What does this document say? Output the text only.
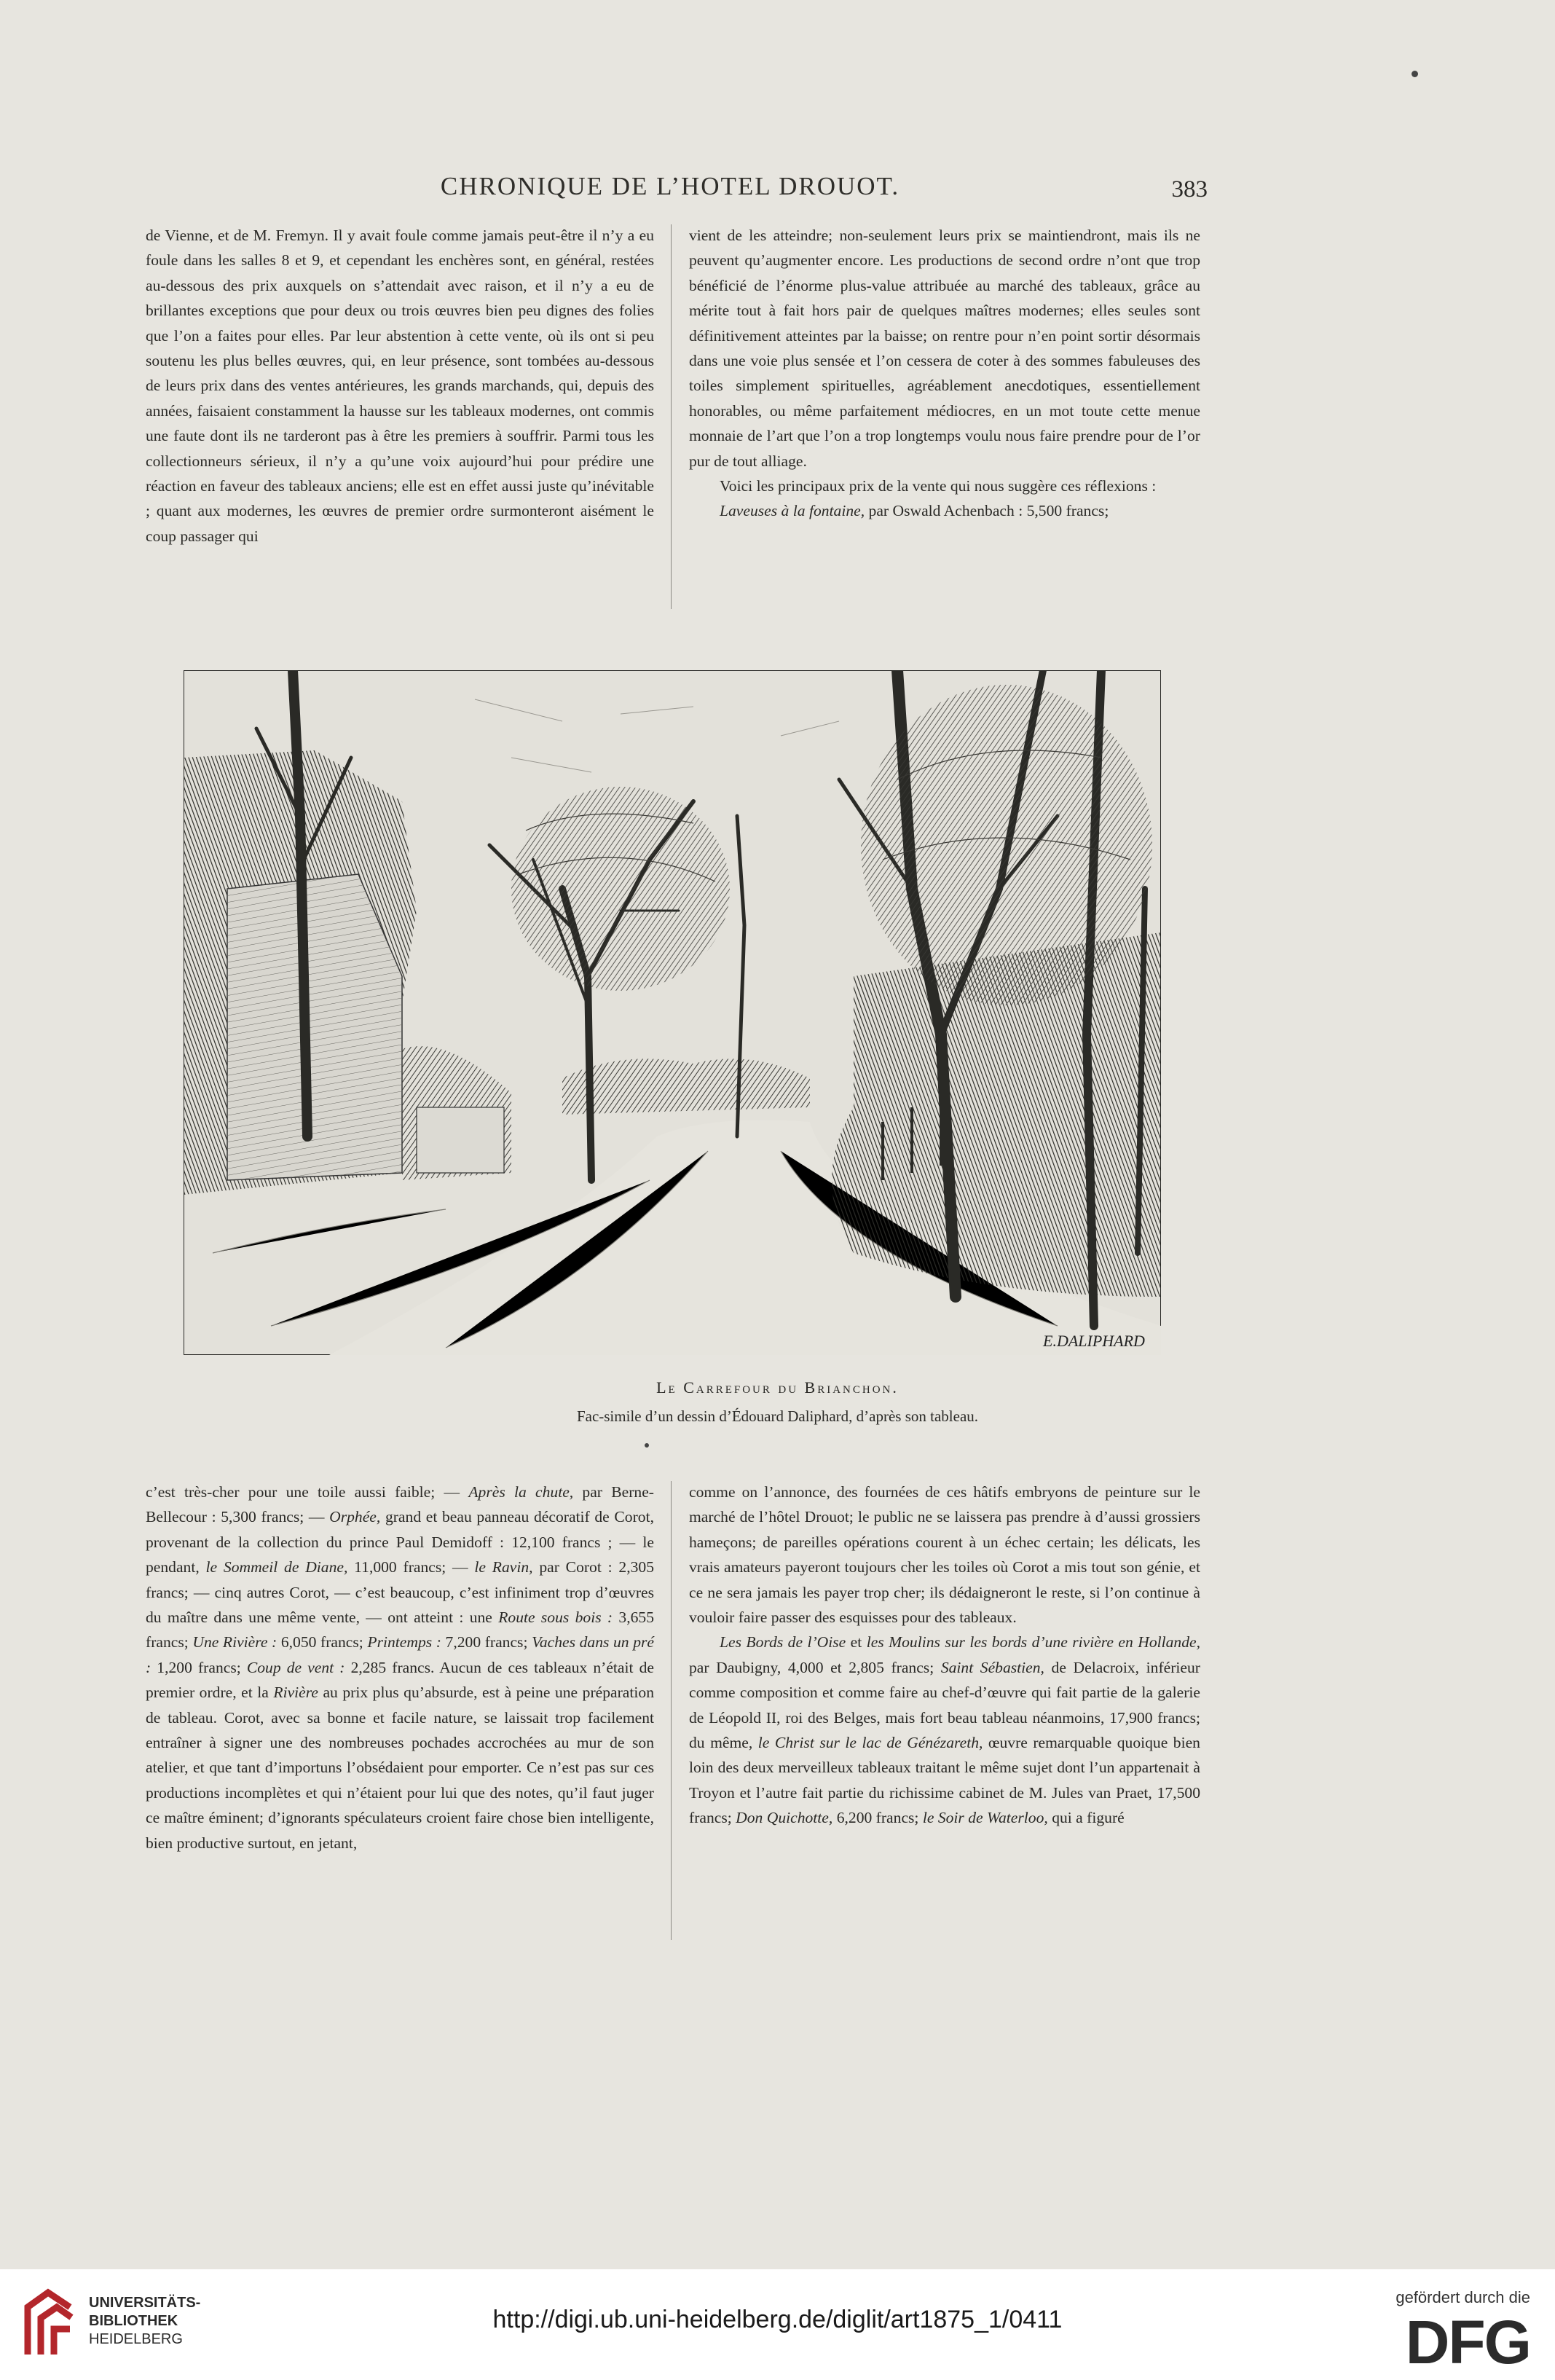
CHRONIQUE DE L’HOTEL DROUOT.	383

de Vienne, et de M. Fremyn. Il y avait foule comme jamais peut-être il n’y a eu foule dans les salles 8 et 9, et cependant les enchères sont, en général, restées au-dessous des prix auxquels on s’attendait avec raison, et il n’y a eu de brillantes exceptions que pour deux ou trois œuvres bien peu dignes des folies que l’on a faites pour elles. Par leur abstention à cette vente, où ils ont si peu soutenu les plus belles œuvres, qui, en leur présence, sont tombées au-dessous de leurs prix dans des ventes antérieures, les grands marchands, qui, depuis des années, faisaient constamment la hausse sur les tableaux modernes, ont commis une faute dont ils ne tarderont pas à être les premiers à souffrir. Parmi tous les collectionneurs sérieux, il n’y a qu’une voix aujourd’hui pour prédire une réaction en faveur des tableaux anciens; elle est en effet aussi juste qu’inévitable ; quant aux modernes, les œuvres de premier ordre surmonteront aisément le coup passager qui

vient de les atteindre; non-seulement leurs prix se maintiendront, mais ils ne peuvent qu’augmenter encore. Les productions de second ordre n’ont que trop bénéficié de l’énorme plus-value attribuée au marché des tableaux, grâce au mérite tout à fait hors pair de quelques maîtres modernes; elles seules sont définitivement atteintes par la baisse; on rentre pour n’en point sortir désormais dans une voie plus sensée et l’on cessera de coter à des sommes fabuleuses des toiles simplement spirituelles, agréablement anecdotiques, essentiellement honorables, ou même parfaitement médiocres, en un mot toute cette menue monnaie de l’art que l’on a trop longtemps voulu nous faire prendre pour de l’or pur de tout alliage.

Voici les principaux prix de la vente qui nous suggère ces réflexions :

Laveuses à la fontaine, par Oswald Achenbach : 5,500 francs;

E.DALIPHARD
Le Carrefour du Brianchon.
Fac-simile d’un dessin d’Édouard Daliphard, d’après son tableau.

c’est très-cher pour une toile aussi faible; — Après la chute, par Berne-Bellecour : 5,300 francs; — Orphée, grand et beau panneau décoratif de Corot, provenant de la collection du prince Paul Demidoff : 12,100 francs ; — le pendant, le Sommeil de Diane, 11,000 francs; — le Ravin, par Corot : 2,305 francs; — cinq autres Corot, — c’est beaucoup, c’est infiniment trop d’œuvres du maître dans une même vente, — ont atteint : une Route sous bois : 3,655 francs; Une Rivière : 6,050 francs; Printemps : 7,200 francs; Vaches dans un pré : 1,200 francs; Coup de vent : 2,285 francs. Aucun de ces tableaux n’était de premier ordre, et la Rivière au prix plus qu’absurde, est à peine une préparation de tableau. Corot, avec sa bonne et facile nature, se laissait trop facilement entraîner à signer une des nombreuses pochades accrochées au mur de son atelier, et que tant d’importuns l’obsédaient pour emporter. Ce n’est pas sur ces productions incomplètes et qui n’étaient pour lui que des notes, qu’il faut juger ce maître éminent; d’ignorants spéculateurs croient faire chose bien intelligente, bien productive surtout, en jetant,

comme on l’annonce, des fournées de ces hâtifs embryons de peinture sur le marché de l’hôtel Drouot; le public ne se laissera pas prendre à d’aussi grossiers hameçons; de pareilles opérations courent à un échec certain; les délicats, les vrais amateurs payeront toujours cher les toiles où Corot a mis tout son génie, et ce ne sera jamais les payer trop cher; ils dédaigneront le reste, si l’on continue à vouloir faire passer des esquisses pour des tableaux.

Les Bords de l’Oise et les Moulins sur les bords d’une rivière en Hollande, par Daubigny, 4,000 et 2,805 francs; Saint Sébastien, de Delacroix, inférieur comme composition et comme faire au chef-d’œuvre qui fait partie de la galerie de Léopold II, roi des Belges, mais fort beau tableau néanmoins, 17,900 francs; du même, le Christ sur le lac de Génézareth, œuvre remarquable quoique bien loin des deux merveilleux tableaux traitant le même sujet dont l’un appartenait à Troyon et l’autre fait partie du richissime cabinet de M. Jules van Praet, 17,500 francs; Don Quichotte, 6,200 francs; le Soir de Waterloo, qui a figuré

UNIVERSITÄTS-
BIBLIOTHEK
HEIDELBERG
http://digi.ub.uni-heidelberg.de/diglit/art1875_1/0411
gefördert durch die
DFG
